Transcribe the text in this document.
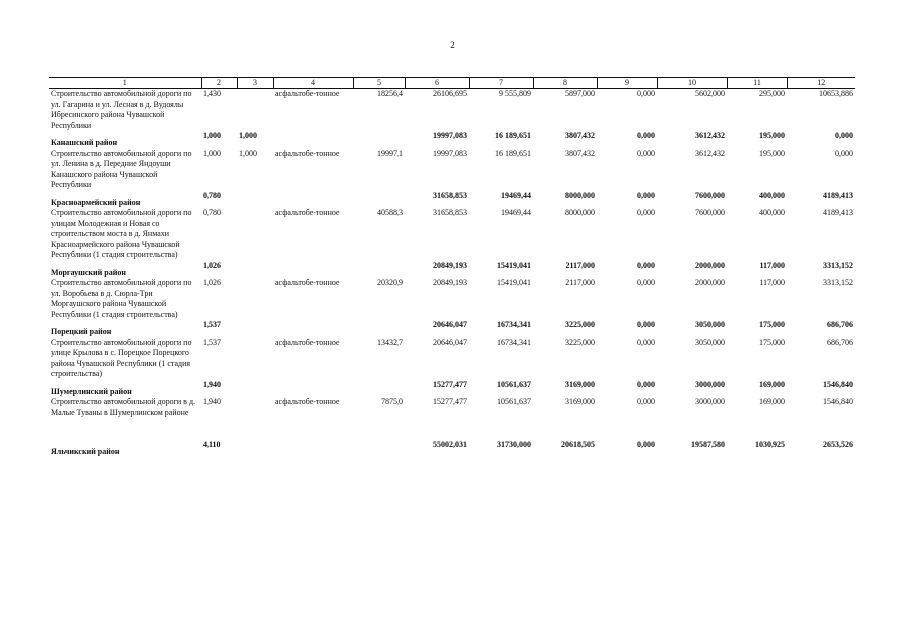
2
1	2	3	4	5	6	7	8	9	10	11	12
Строительство автомобильной дороги по ул. Гагарина и ул. Лесная в д. Вудоялы Ибресинского района Чувашской Республики	1,430		асфальтобе-тонное	18256,4	26106,695	9 555,809	5897,000	0,000	5602,000	295,000	10653,886
Канашский район	1,000	1,000			19997,083	16 189,651	3807,432	0,000	3612,432	195,000	0,000
Строительство автомобильной дороги по ул. Ленина в д. Передние Яндоуши Канашского района Чувашской Республики	1,000	1,000	асфальтобе-тонное	19997,1	19997,083	16 189,651	3807,432	0,000	3612,432	195,000	0,000
Красноармейский район	0,780				31658,853	19469,44	8000,000	0,000	7600,000	400,000	4189,413
Строительство автомобильной дороги по улицам Молодежная и Новая со строительством моста в д. Янмахи Красноармейского района Чувашской Республики (1 стадия строительства)	0,780		асфальтобе-тонное	40588,3	31658,853	19469,44	8000,000	0,000	7600,000	400,000	4189,413
Моргаушский район	1,026				20849,193	15419,041	2117,000	0,000	2000,000	117,000	3313,152
Строительство автомобильной дороги по ул. Воробьева в д. Сюрла-Три Моргаушского района Чувашской Республики (1 стадия строительства)	1,026		асфальтобе-тонное	20320,9	20849,193	15419,041	2117,000	0,000	2000,000	117,000	3313,152
Порецкий район	1,537				20646,047	16734,341	3225,000	0,000	3050,000	175,000	686,706
Строительство автомобильной дороги по улице Крылова в с. Порецкое Порецкого района Чувашской Республики (1 стадия строительства)	1,537		асфальтобе-тонное	13432,7	20646,047	16734,341	3225,000	0,000	3050,000	175,000	686,706
Шумерлинский район	1,940				15277,477	10561,637	3169,000	0,000	3000,000	169,000	1546,840
Строительство автомобильной дороги в д. Малые Туваны в Шумерлинском районе	1,940		асфальтобе-тонное	7875,0	15277,477	10561,637	3169,000	0,000	3000,000	169,000	1546,840

Яльчикский район	4,110				55002,031	31730,000	20618,505	0,000	19587,580	1030,925	2653,526
